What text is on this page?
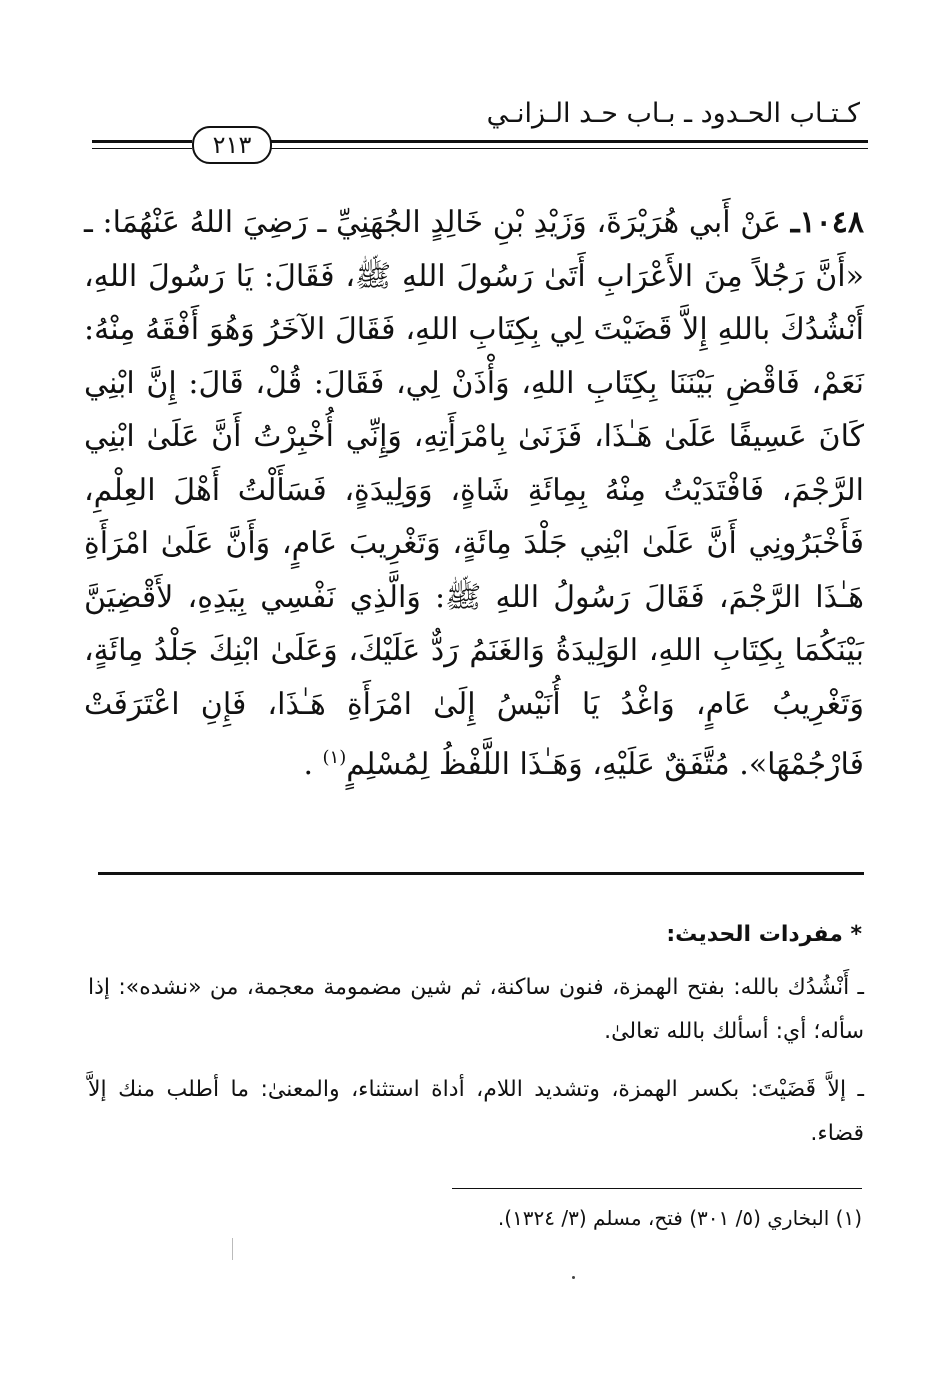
كـتـاب الحـدود ـ بـاب حـد الـزانـي
٢١٣
١٠٤٨ـ عَنْ أَبي هُرَيْرَةَ، وَزَيْدِ بْنِ خَالِدٍ الجُهَنِيِّ ـ رَضِيَ اللهُ عَنْهُمَا: ـ «أَنَّ رَجُلاً مِنَ الأَعْرَابِ أَتَىٰ رَسُولَ اللهِ ﷺ، فَقَالَ: يَا رَسُولَ اللهِ، أَنْشُدُكَ باللهِ إِلاَّ قَضَيْتَ لِي بِكِتَابِ اللهِ، فَقَالَ الآخَرُ وَهُوَ أَفْقَهُ مِنْهُ: نَعَمْ، فَاقْضِ بَيْنَنَا بِكِتَابِ اللهِ، وَأْذَنْ لِي، فَقَالَ: قُلْ، قَالَ: إِنَّ ابْنِي كَانَ عَسِيفًا عَلَىٰ هَـٰذَا، فَزَنَىٰ بِامْرَأَتِهِ، وَإِنِّي أُخْبِرْتُ أَنَّ عَلَىٰ ابْنِي الرَّجْمَ، فَافْتَدَيْتُ مِنْهُ بِمِائَةِ شَاةٍ، وَوَلِيدَةٍ، فَسَأَلْتُ أَهْلَ العِلْمِ، فَأَخْبَرُونِي أَنَّ عَلَىٰ ابْنِي جَلْدَ مِائَةٍ، وَتَغْرِيبَ عَامٍ، وَأَنَّ عَلَىٰ امْرَأَةِ هَـٰذَا الرَّجْمَ، فَقَالَ رَسُولُ اللهِ ﷺ: وَالَّذِي نَفْسِي بِيَدِهِ، لأَقْضِيَنَّ بَيْنَكُمَا بِكِتَابِ اللهِ، الوَلِيدَةُ وَالغَنَمُ رَدٌّ عَلَيْكَ، وَعَلَىٰ ابْنِكَ جَلْدُ مِائَةٍ، وَتَغْرِيبُ عَامٍ، وَاغْدُ يَا أُنَيْسُ إِلَىٰ امْرَأَةِ هَـٰذَا، فَإِنِ اعْتَرَفَتْ فَارْجُمْهَا». مُتَّفَقٌ عَلَيْهِ، وَهَـٰذَا اللَّفْظُ لِمُسْلِمٍ$^{(١)}$ .
* مفردات الحديث:
ـ أَنْشُدُك بالله: بفتح الهمزة، فنون ساكنة، ثم شين مضمومة معجمة، من «نشده»: إذا سأله؛ أي: أسألك بالله تعالىٰ.
ـ إلاَّ قَضَيْتَ: بكسر الهمزة، وتشديد اللام، أداة استثناء، والمعنىٰ: ما أطلب منك إلاَّ قضاء.
(١) البخاري (٥/ ٣٠١) فتح، مسلم (٣/ ١٣٢٤).
